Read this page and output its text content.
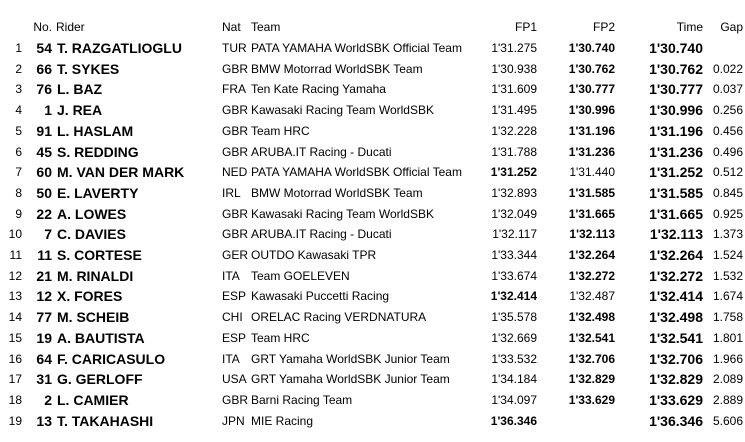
	No.	Rider	Nat	Team	FP1	FP2	Time	Gap
1	54	T. RAZGATLIOGLU	TUR	PATA YAMAHA WorldSBK Official Team	1'31.275	1'30.740	1'30.740	
2	66	T. SYKES	GBR	BMW Motorrad WorldSBK Team	1'30.938	1'30.762	1'30.762	0.022
3	76	L. BAZ	FRA	Ten Kate Racing Yamaha	1'31.609	1'30.777	1'30.777	0.037
4	1	J. REA	GBR	Kawasaki Racing Team WorldSBK	1'31.495	1'30.996	1'30.996	0.256
5	91	L. HASLAM	GBR	Team HRC	1'32.228	1'31.196	1'31.196	0.456
6	45	S. REDDING	GBR	ARUBA.IT Racing - Ducati	1'31.788	1'31.236	1'31.236	0.496
7	60	M. VAN DER MARK	NED	PATA YAMAHA WorldSBK Official Team	1'31.252	1'31.440	1'31.252	0.512
8	50	E. LAVERTY	IRL	BMW Motorrad WorldSBK Team	1'32.893	1'31.585	1'31.585	0.845
9	22	A. LOWES	GBR	Kawasaki Racing Team WorldSBK	1'32.049	1'31.665	1'31.665	0.925
10	7	C. DAVIES	GBR	ARUBA.IT Racing - Ducati	1'32.117	1'32.113	1'32.113	1.373
11	11	S. CORTESE	GER	OUTDO Kawasaki TPR	1'33.344	1'32.264	1'32.264	1.524
12	21	M. RINALDI	ITA	Team GOELEVEN	1'33.674	1'32.272	1'32.272	1.532
13	12	X. FORES	ESP	Kawasaki Puccetti Racing	1'32.414	1'32.487	1'32.414	1.674
14	77	M. SCHEIB	CHI	ORELAC Racing VERDNATURA	1'35.578	1'32.498	1'32.498	1.758
15	19	A. BAUTISTA	ESP	Team HRC	1'32.669	1'32.541	1'32.541	1.801
16	64	F. CARICASULO	ITA	GRT Yamaha WorldSBK Junior Team	1'33.532	1'32.706	1'32.706	1.966
17	31	G. GERLOFF	USA	GRT Yamaha WorldSBK Junior Team	1'34.184	1'32.829	1'32.829	2.089
18	2	L. CAMIER	GBR	Barni Racing Team	1'34.097	1'33.629	1'33.629	2.889
19	13	T. TAKAHASHI	JPN	MIE Racing	1'36.346		1'36.346	5.606
